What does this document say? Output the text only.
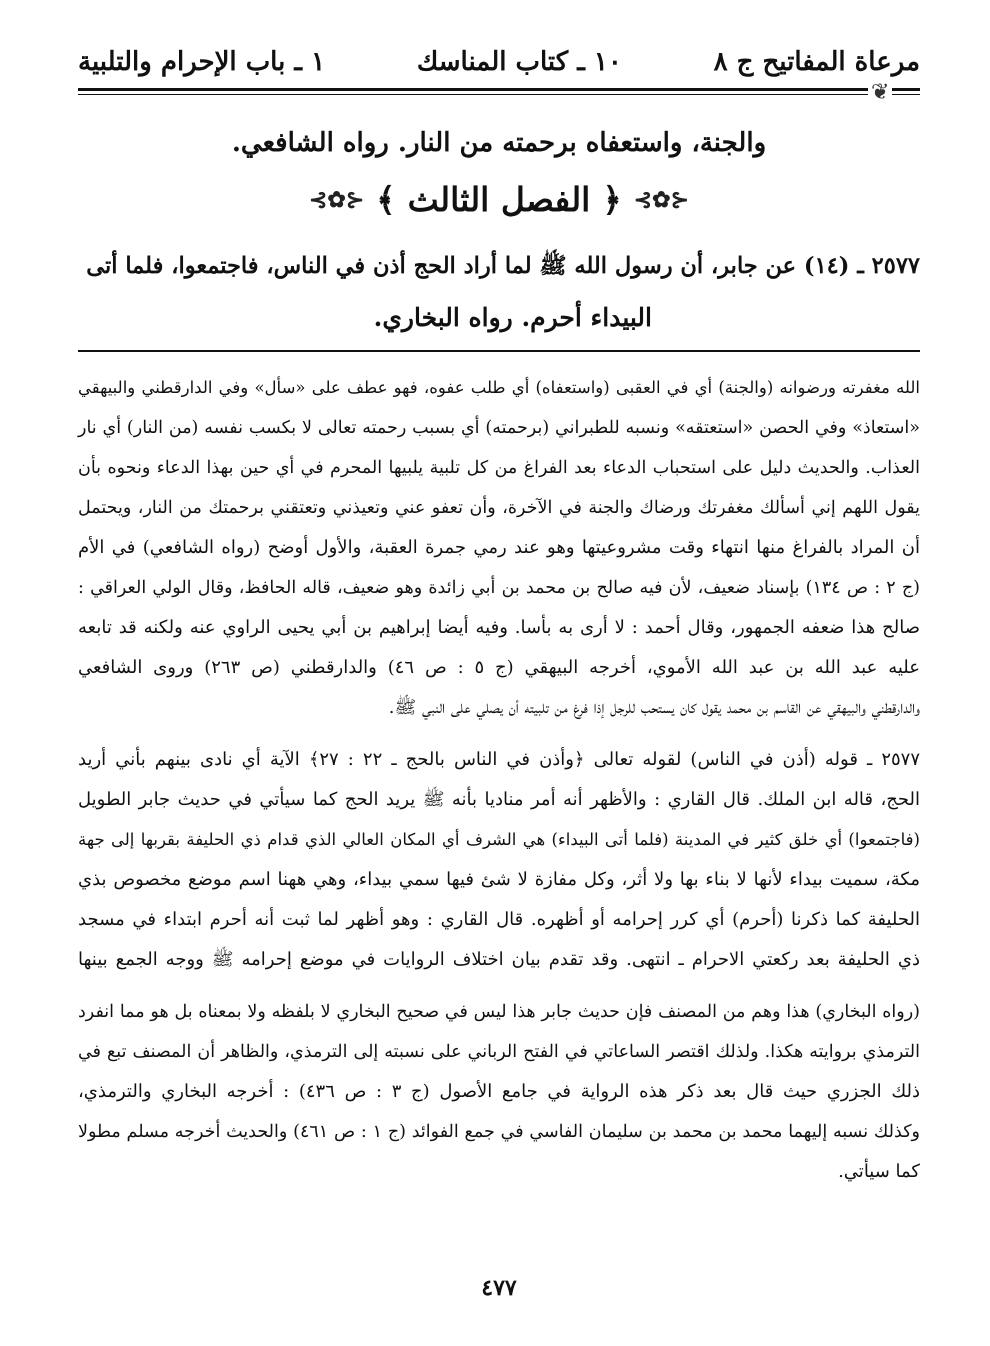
مرعاة المفاتيح ج ٨
١٠ ـ كتاب المناسك
١ ـ باب الإحرام والتلبية
❦
والجنة، واستعفاه برحمته من النار. رواه الشافعي.
⊰✿⊱
﴿
الفصل الثالث
﴾
⊰✿⊱

٢٥٧٧ ـ (١٤) عن جابر، أن رسول الله ﷺ لما أراد الحج أذن في الناس، فاجتمعوا، فلما أتى

البيداء أحرم. رواه البخاري.

الله مغفرته ورضوانه (والجنة) أي في العقبى (واستعفاه) أي طلب عفوه، فهو عطف على «سأل» وفي الدارقطني والبيهقي
«استعاذ» وفي الحصن «استعتقه» ونسبه للطبراني (برحمته) أي بسبب رحمته تعالى لا بكسب نفسه (من النار) أي نار
العذاب. والحديث دليل على استحباب الدعاء بعد الفراغ من كل تلبية يلبيها المحرم في أي حين بهذا الدعاء ونحوه بأن
يقول اللهم إني أسألك مغفرتك ورضاك والجنة في الآخرة، وأن تعفو عني وتعيذني وتعتقني برحمتك من النار، ويحتمل
أن المراد بالفراغ منها انتهاء وقت مشروعيتها وهو عند رمي جمرة العقبة، والأول أوضح (رواه الشافعي) في الأم
(ج ٢ : ص ١٣٤) بإسناد ضعيف، لأن فيه صالح بن محمد بن أبي زائدة وهو ضعيف، قاله الحافظ، وقال الولي العراقي :
صالح هذا ضعفه الجمهور، وقال أحمد : لا أرى به بأسا. وفيه أيضا إبراهيم بن أبي يحيى الراوي عنه ولكنه قد تابعه
عليه عبد الله بن عبد الله الأموي، أخرجه البيهقي (ج ٥ : ص ٤٦) والدارقطني (ص ٢٦٣) وروى الشافعي
والدارقطني والبيهقي عن القاسم بن محمد يقول كان يستحب للرجل إذا فرغ من تلبيته أن يصلي على النبي ﷺ.
٢٥٧٧ ـ قوله (أذن في الناس) لقوله تعالى ﴿وأذن في الناس بالحج ـ ٢٢ : ٢٧﴾ الآية أي نادى بينهم بأني أريد
الحج، قاله ابن الملك. قال القاري : والأظهر أنه أمر مناديا بأنه ﷺ يريد الحج كما سيأتي في حديث جابر الطويل
(فاجتمعوا) أي خلق كثير في المدينة (فلما أتى البيداء) هي الشرف أي المكان العالي الذي قدام ذي الحليفة بقربها إلى جهة
مكة، سميت بيداء لأنها لا بناء بها ولا أثر، وكل مفازة لا شئ فيها سمي بيداء، وهي ههنا اسم موضع مخصوص بذي
الحليفة كما ذكرنا (أحرم) أي كرر إحرامه أو أظهره. قال القاري : وهو أظهر لما ثبت أنه أحرم ابتداء في مسجد
ذي الحليفة بعد ركعتي الاحرام ـ انتهى. وقد تقدم بيان اختلاف الروايات في موضع إحرامه ﷺ ووجه الجمع بينها
(رواه البخاري) هذا وهم من المصنف فإن حديث جابر هذا ليس في صحيح البخاري لا بلفظه ولا بمعناه بل هو مما انفرد
الترمذي بروايته هكذا. ولذلك اقتصر الساعاتي في الفتح الرباني على نسبته إلى الترمذي، والظاهر أن المصنف تبع في
ذلك الجزري حيث قال بعد ذكر هذه الرواية في جامع الأصول (ج ٣ : ص ٤٣٦) : أخرجه البخاري والترمذي،
وكذلك نسبه إليهما محمد بن محمد بن سليمان الفاسي في جمع الفوائد (ج ١ : ص ٤٦١) والحديث أخرجه مسلم مطولا
كما سيأتي.
٤٧٧
